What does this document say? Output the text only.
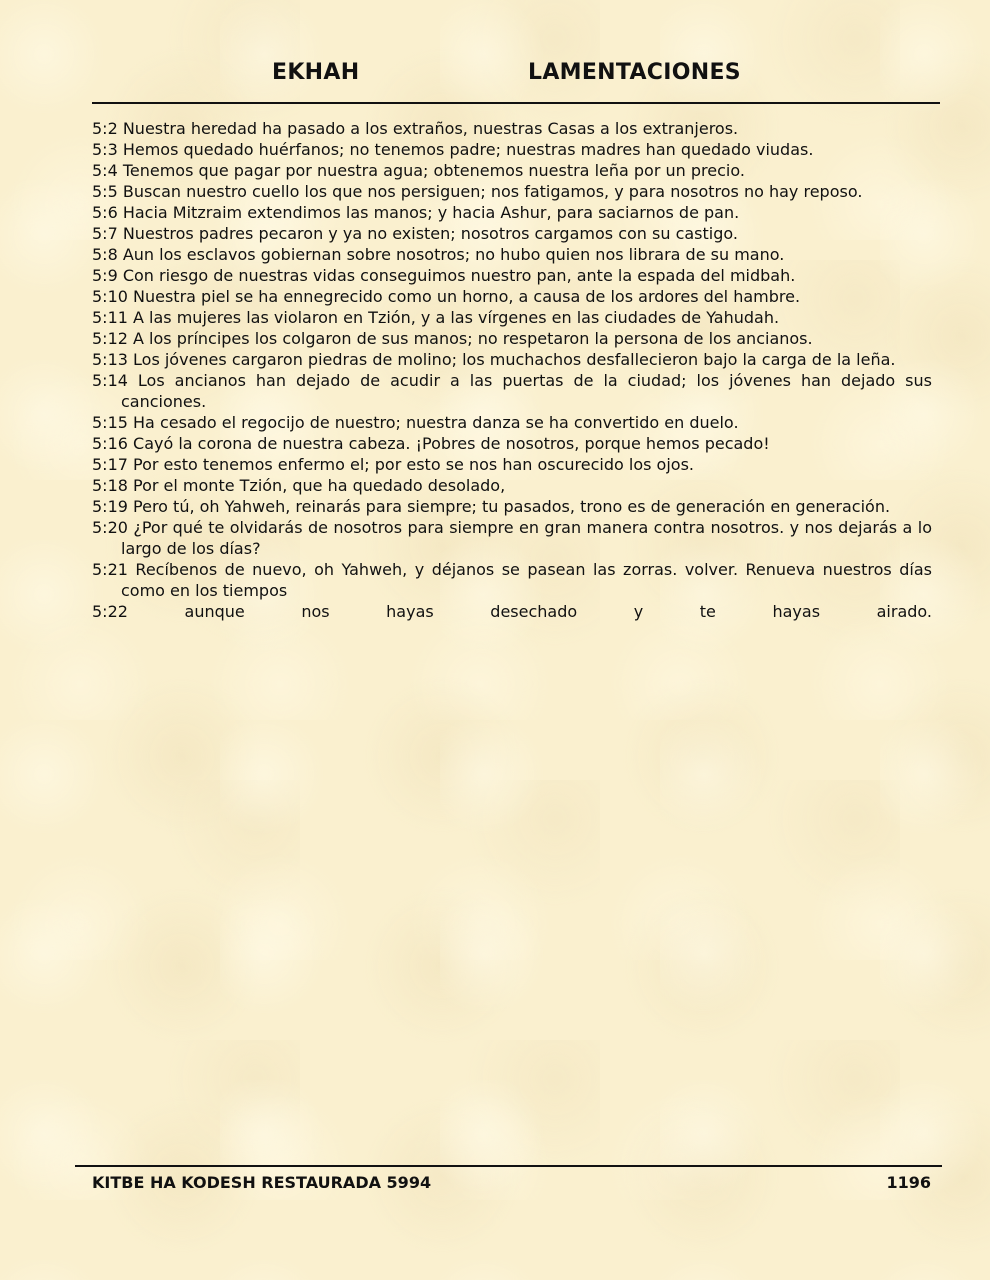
EKHAH	LAMENTACIONES
5:2 Nuestra heredad ha pasado a los extraños, nuestras Casas a los extranjeros.
5:3 Hemos quedado huérfanos; no tenemos padre; nuestras madres han quedado viudas.
5:4 Tenemos que pagar por nuestra agua; obtenemos nuestra leña por un precio.
5:5 Buscan nuestro cuello los que nos persiguen; nos fatigamos, y para nosotros no hay reposo.
5:6 Hacia Mitzraim extendimos las manos; y hacia Ashur, para saciarnos de pan.
5:7 Nuestros padres pecaron y ya no existen; nosotros cargamos con su castigo.
5:8 Aun los esclavos gobiernan sobre nosotros; no hubo quien nos librara de su mano.
5:9 Con riesgo de nuestras vidas conseguimos nuestro pan, ante la espada del midbah.
5:10 Nuestra piel se ha ennegrecido como un horno, a causa de los ardores del hambre.
5:11 A las mujeres las violaron en Tzión, y a las vírgenes en las ciudades de Yahudah.
5:12 A los príncipes los colgaron de sus manos; no respetaron la persona de los ancianos.
5:13 Los jóvenes cargaron piedras de molino; los muchachos desfallecieron bajo la carga de la leña.
5:14 Los ancianos han dejado de acudir a las puertas de la ciudad; los jóvenes han dejado sus canciones.
5:15 Ha cesado el regocijo de nuestro; nuestra danza se ha convertido en duelo.
5:16 Cayó la corona de nuestra cabeza. ¡Pobres de nosotros, porque hemos pecado!
5:17 Por esto tenemos enfermo el; por esto se nos han oscurecido los ojos.
5:18 Por el monte Tzión, que ha quedado desolado,
5:19 Pero tú, oh Yahweh, reinarás para siempre; tu pasados, trono es de generación en generación.
5:20 ¿Por qué te olvidarás de nosotros para siempre en gran manera contra nosotros. y nos dejarás a lo largo de los días?
5:21 Recíbenos de nuevo, oh Yahweh, y déjanos se pasean las zorras. volver. Renueva nuestros días como en los tiempos
5:22 aunque nos hayas desechado y te hayas airado.
KITBE HA KODESH RESTAURADA 5994	1196
